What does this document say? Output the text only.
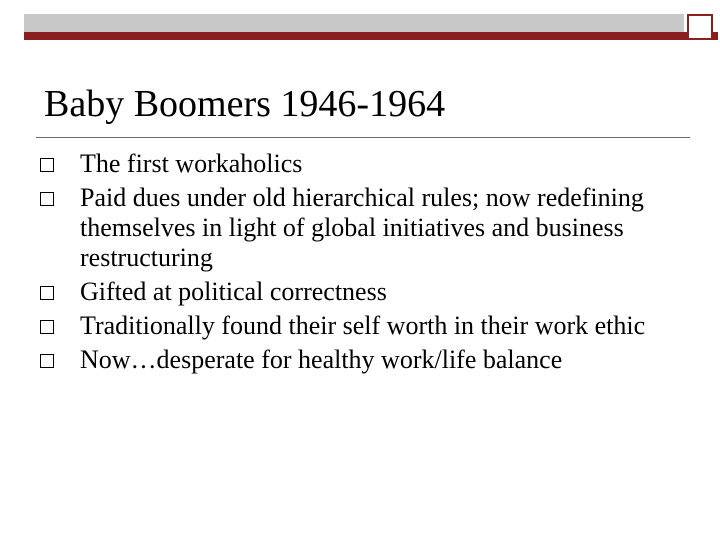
Baby Boomers 1946-1964
The first workaholics
Paid dues under old hierarchical rules; now redefining themselves in light of global initiatives and business restructuring
Gifted at political correctness
Traditionally found their self worth in their work ethic
Now…desperate for healthy work/life balance
